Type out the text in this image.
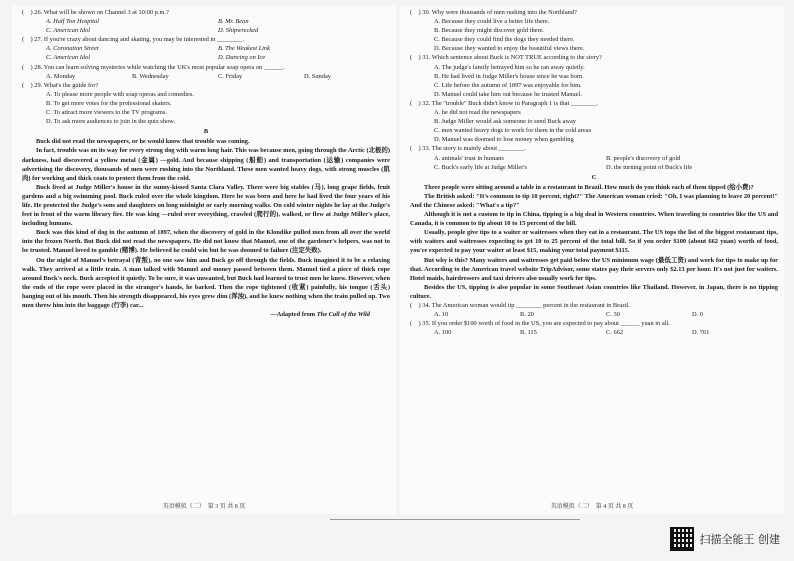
(　) 26. What will be shown on Channel 3 at 10:00 p.m.?
A. Half Ton Hospital	B. Mr. Bean
C. American Idol	D. Shipwrecked
(　) 27. If you're crazy about dancing and skating, you may be interested in ________.
A. Coronation Street	B. The Weakest Link
C. American Idol	D. Dancing on Ice
(　) 28. You can learn solving mysteries while watching the UK's most popular soap opera on ______.
A. Monday	B. Wednesday	C. Friday	D. Sunday
(　) 29. What's the guide for?
A. To please more people with soap operas and comedies.
B. To get more votes for the professional skaters.
C. To attract more viewers to the TV programs.
D. To ask more audiences to join in the quiz show.
B
Buck did not read the newspapers, or he would know that trouble was coming.
In fact, trouble was on its way for every strong dog with warm long hair. This was because men, going through the Arctic (北极的) darkness, had discovered a yellow metal (金属) —gold. And because shipping (船舶) and transportation (运输) companies were advertising the discovery, thousands of men were rushing into the Northland. These men wanted heavy dogs, with strong muscles (肌肉) for working and thick coats to protect them from the cold.
Buck lived at Judge Miller's house in the sunny-kissed Santa Clara Valley. There were big stables (马), long grape fields, fruit gardens and a big swimming pool. Buck ruled over the whole kingdom. Here he was born and here he had lived the four years of his life. He protected the Judge's sons and daughters on long midnight or early morning walks. On cold winter nights he lay at the Judge's feet in front of the warm library fire. He was king —ruled over everything, crawled (爬行的), walked, or flew at Judge Miller's place, including humans.
Buck was this kind of dog in the autumn of 1897, when the discovery of gold in the Klondike pulled men from all over the world into the frozen North. But Buck did not read the newspapers. He did not know that Manuel, one of the gardener's helpers, was not to be trusted. Manuel loved to gamble (赌博). He believed he could win but he was doomed to failure (注定失败).
On the night of Manuel's betrayal (背叛), no one saw him and Buck go off through the fields. Buck imagined it to be a relaxing walk. They arrived at a little train. A man talked with Manuel and money passed between them. Manuel tied a piece of thick rope around Buck's neck. Buck accepted it quietly. To be sure, it was unwanted, but Buck had learned to trust men he knew. However, when the ends of the rope were placed in the stranger's hands, he barked. Then the rope tightened (收紧) painfully, his tongue (舌头) hanging out of his mouth. Then his strength disappeared, his eyes grew dim (浑浊), and he knew nothing when the train pulled up. Two men threw him into the baggage (行李) car...
—Adapted from The Call of the Wild
英语模拟（二）　第 3 页 共 8 页
(　) 30. Why were thousands of men rushing into the Northland?
A. Because they could live a better life there.
B. Because they might discover gold there.
C. Because they could find the dogs they needed there.
D. Because they wanted to enjoy the beautiful views there.
(　) 31. Which sentence about Buck is NOT TRUE according to the story?
A. The judge's family betrayed him so he ran away quietly.
B. He had lived in Judge Miller's house since he was born.
C. Life before the autumn of 1897 was enjoyable for him.
D. Manuel could take him out because he trusted Manuel.
(　) 32. The "trouble" Buck didn't know in Paragraph 1 is that ________.
A. he did not read the newspapers
B. Judge Miller would ask someone to send Buck away
C. men wanted heavy dogs to work for them in the cold areas
D. Manuel was doomed to lose money when gambling
(　) 33. The story is mainly about ________.
A. animals' trust in humans	B. people's discovery of gold
C. Buck's early life at Judge Miller's	D. the turning point of Buck's life
C
Three people were sitting around a table in a restaurant in Brazil. How much do you think each of them tipped (给小费)?
The British asked: "It's common to tip 10 percent, right?" The American woman cried: "Oh, I was planning to leave 20 percent!" And the Chinese asked: "What's a tip?"
Although it is not a custom to tip in China, tipping is a big deal in Western countries. When traveling to countries like the US and Canada, it is common to tip about 10 to 15 percent of the bill.
Usually, people give tips to a waiter or waitresses when they eat in a restaurant. The US tops the list of the biggest restaurant tips, with waiters and waitresses expecting to get 10 to 25 percent of the total bill. So if you order $100 (about 662 yuan) worth of food, you're expected to pay your waiter at least $15, making your total payment $115.
But why is this? Many waiters and waitresses get paid below the US minimum wage (最低工资) and work for tips to make up for that. According to the American travel website TripAdvisor, some states pay their servers only $2.13 per hour. It's not just for waiters. Hotel maids, hairdressers and taxi drivers also usually work for tips.
Besides the US, tipping is also popular in some Southeast Asian countries like Thailand. However, in Japan, there is no tipping culture.
(　) 34. The American woman would tip ________ percent in the restaurant in Brazil.
A. 10	B. 20	C. 30	D. 0
(　) 35. If you order $100 worth of food in the US, you are expected to pay about ______ yuan in all.
A. 100	B. 115	C. 662	D. 761
英语模拟（二）　第 4 页 共 8 页
扫描全能王 创建
